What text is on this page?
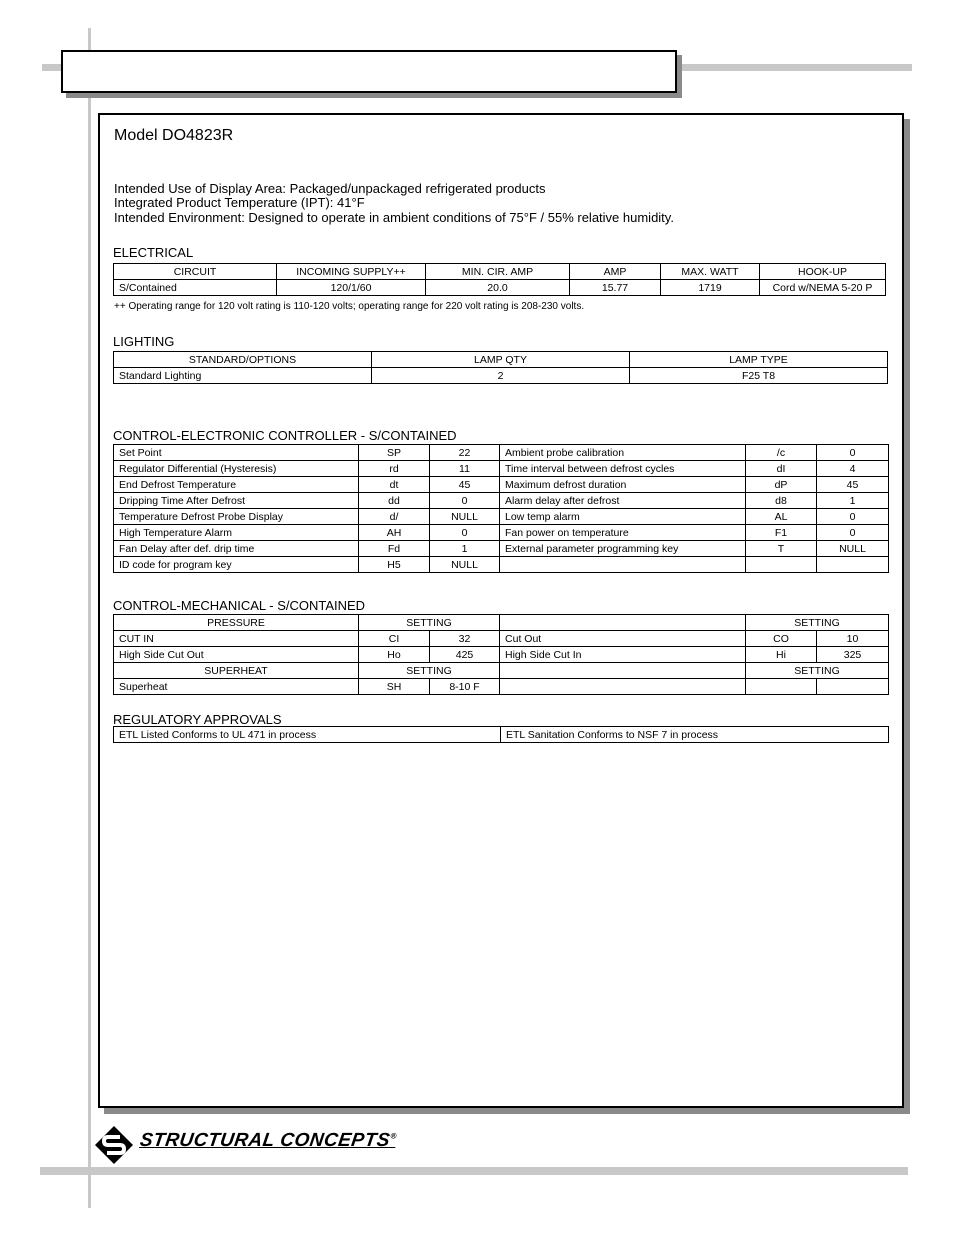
Model DO4823R
Intended Use of Display Area: Packaged/unpackaged refrigerated products
Integrated Product Temperature (IPT): 41°F
Intended Environment: Designed to operate in ambient conditions of 75°F / 55% relative humidity.
ELECTRICAL
CIRCUIT	INCOMING SUPPLY++	MIN. CIR. AMP	AMP	MAX. WATT	HOOK-UP
S/Contained	120/1/60	20.0	15.77	1719	Cord w/NEMA 5-20 P
++ Operating range for 120 volt rating is 110-120 volts; operating range for 220 volt rating is 208-230 volts.
LIGHTING
STANDARD/OPTIONS	LAMP QTY	LAMP TYPE
Standard Lighting	2	F25 T8
CONTROL-ELECTRONIC CONTROLLER - S/CONTAINED
Set Point	SP	22	Ambient probe calibration	/c	0
Regulator Differential (Hysteresis)	rd	11	Time interval between defrost cycles	dI	4
End Defrost Temperature	dt	45	Maximum defrost duration	dP	45
Dripping Time After Defrost	dd	0	Alarm delay after defrost	d8	1
Temperature Defrost Probe Display	d/	NULL	Low temp alarm	AL	0
High Temperature Alarm	AH	0	Fan power on temperature	F1	0
Fan Delay after def. drip time	Fd	1	External parameter programming key	T	NULL
ID code for program key	H5	NULL			
CONTROL-MECHANICAL - S/CONTAINED
PRESSURE	SETTING			SETTING	
CUT IN	CI	32	Cut Out	CO	10
High Side Cut Out	Ho	425	High Side Cut In	Hi	325
SUPERHEAT	SETTING			SETTING	
Superheat	SH	8-10 F			
REGULATORY APPROVALS
ETL Listed Conforms to UL 471 in process	ETL Sanitation Conforms to NSF 7 in process
STRUCTURAL CONCEPTS®
